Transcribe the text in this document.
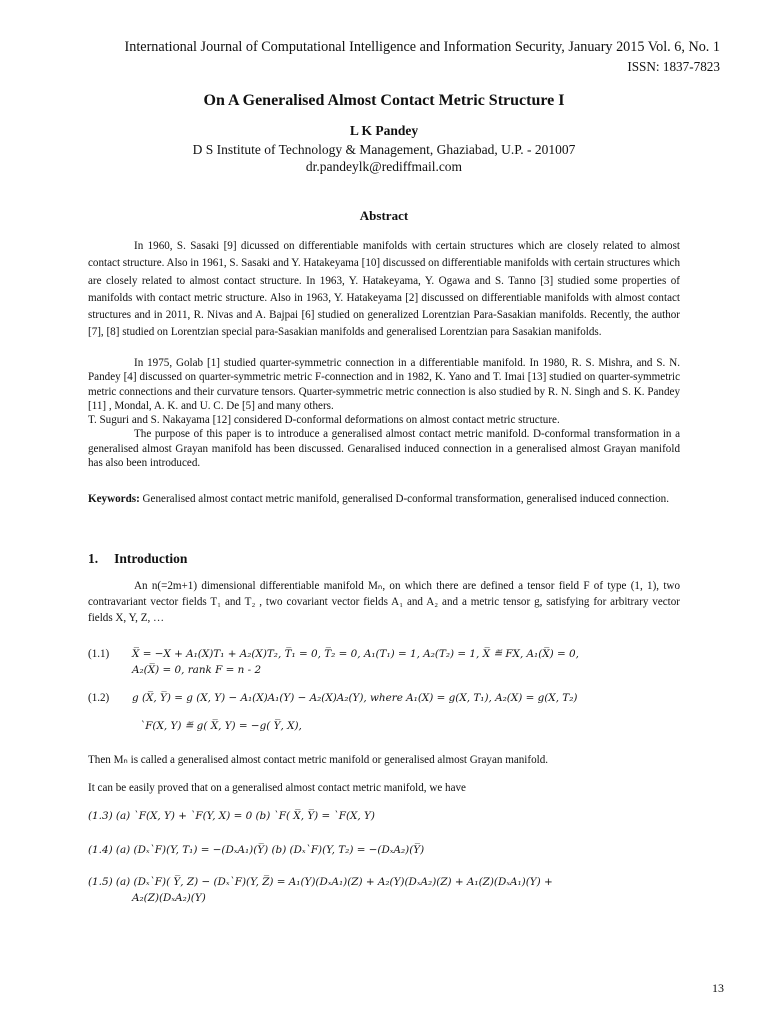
International Journal of Computational Intelligence and Information Security, January 2015 Vol. 6, No. 1
ISSN: 1837-7823
On A Generalised Almost Contact Metric Structure I
L K Pandey
D S Institute of Technology & Management, Ghaziabad, U.P. - 201007
dr.pandeylk@rediffmail.com
Abstract

In 1960, S. Sasaki [9] dicussed on differentiable manifolds with certain structures which are closely related to almost contact structure. Also in 1961, S. Sasaki and Y. Hatakeyama [10] discussed on differentiable manifolds with certain structures which are closely related to almost contact structure. In 1963, Y. Hatakeyama, Y. Ogawa and S. Tanno [3] studied some properties of manifolds with contact metric structure. Also in 1963, Y. Hatakeyama [2] discussed on differentiable manifolds with almost contact structures and in 2011, R. Nivas and A. Bajpai [6] studied on generalized Lorentzian Para-Sasakian manifolds. Recently, the author [7], [8] studied on Lorentzian special para-Sasakian manifolds and generalised Lorentzian para Sasakian manifolds.

In 1975, Golab [1] studied quarter-symmetric connection in a differentiable manifold. In 1980, R. S. Mishra, and S. N. Pandey [4] discussed on quarter-symmetric metric F-connection and in 1982, K. Yano and T. Imai [13] studied on quarter-symmetric metric connections and their curvature tensors. Quarter-symmetric metric connection is also studied by R. N. Singh and S. K. Pandey [11] , Mondal, A. K. and U. C. De [5] and many others.

T. Suguri and S. Nakayama [12] considered D-conformal deformations on almost contact metric structure.

The purpose of this paper is to introduce a generalised almost contact metric manifold. D-conformal transformation in a generalised almost Grayan manifold has been discussed. Genaralised induced connection in a generalised almost Grayan manifold has also been introduced.

Keywords: Generalised almost contact metric manifold, generalised D-conformal transformation, generalised induced connection.
1. Introduction

An n(=2m+1) dimensional differentiable manifold Mₙ, on which there are defined a tensor field F of type (1, 1), two contravariant vector fields T₁ and T₂ , two covariant vector fields A₁ and A₂ and a metric tensor g, satisfying for arbitrary vector fields X, Y, Z, …

(1.1) X̅ = −X + A₁(X)T₁ + A₂(X)T₂, T̅₁ = 0, T̅₂ = 0, A₁(T₁) = 1, A₂(T₂) = 1, X̅ ≝ FX, A₁(X̅) = 0,
A₂(X̅) = 0, rank F = n - 2
(1.2) g (X̅, Y̅) = g (X, Y) − A₁(X)A₁(Y) − A₂(X)A₂(Y), where A₁(X) = g(X, T₁), A₂(X) = g(X, T₂)
ˋF(X, Y) ≝ g( X̅, Y) = −g( Y̅, X),
Then Mₙ is called a generalised almost contact metric manifold or generalised almost Grayan manifold.
It can be easily proved that on a generalised almost contact metric manifold, we have
(1.3) (a) ˋF(X, Y) + ˋF(Y, X) = 0 (b) ˋF( X̅, Y̅) = ˋF(X, Y)
(1.4) (a) (DₓˋF)(Y, T₁) = −(DₓA₁)(Y̅) (b) (DₓˋF)(Y, T₂) = −(DₓA₂)(Y̅)
(1.5) (a) (DₓˋF)( Y̅, Z) − (DₓˋF)(Y, Z̅) = A₁(Y)(DₓA₁)(Z) + A₂(Y)(DₓA₂)(Z) + A₁(Z)(DₓA₁)(Y) +
A₂(Z)(DₓA₂)(Y)
13
